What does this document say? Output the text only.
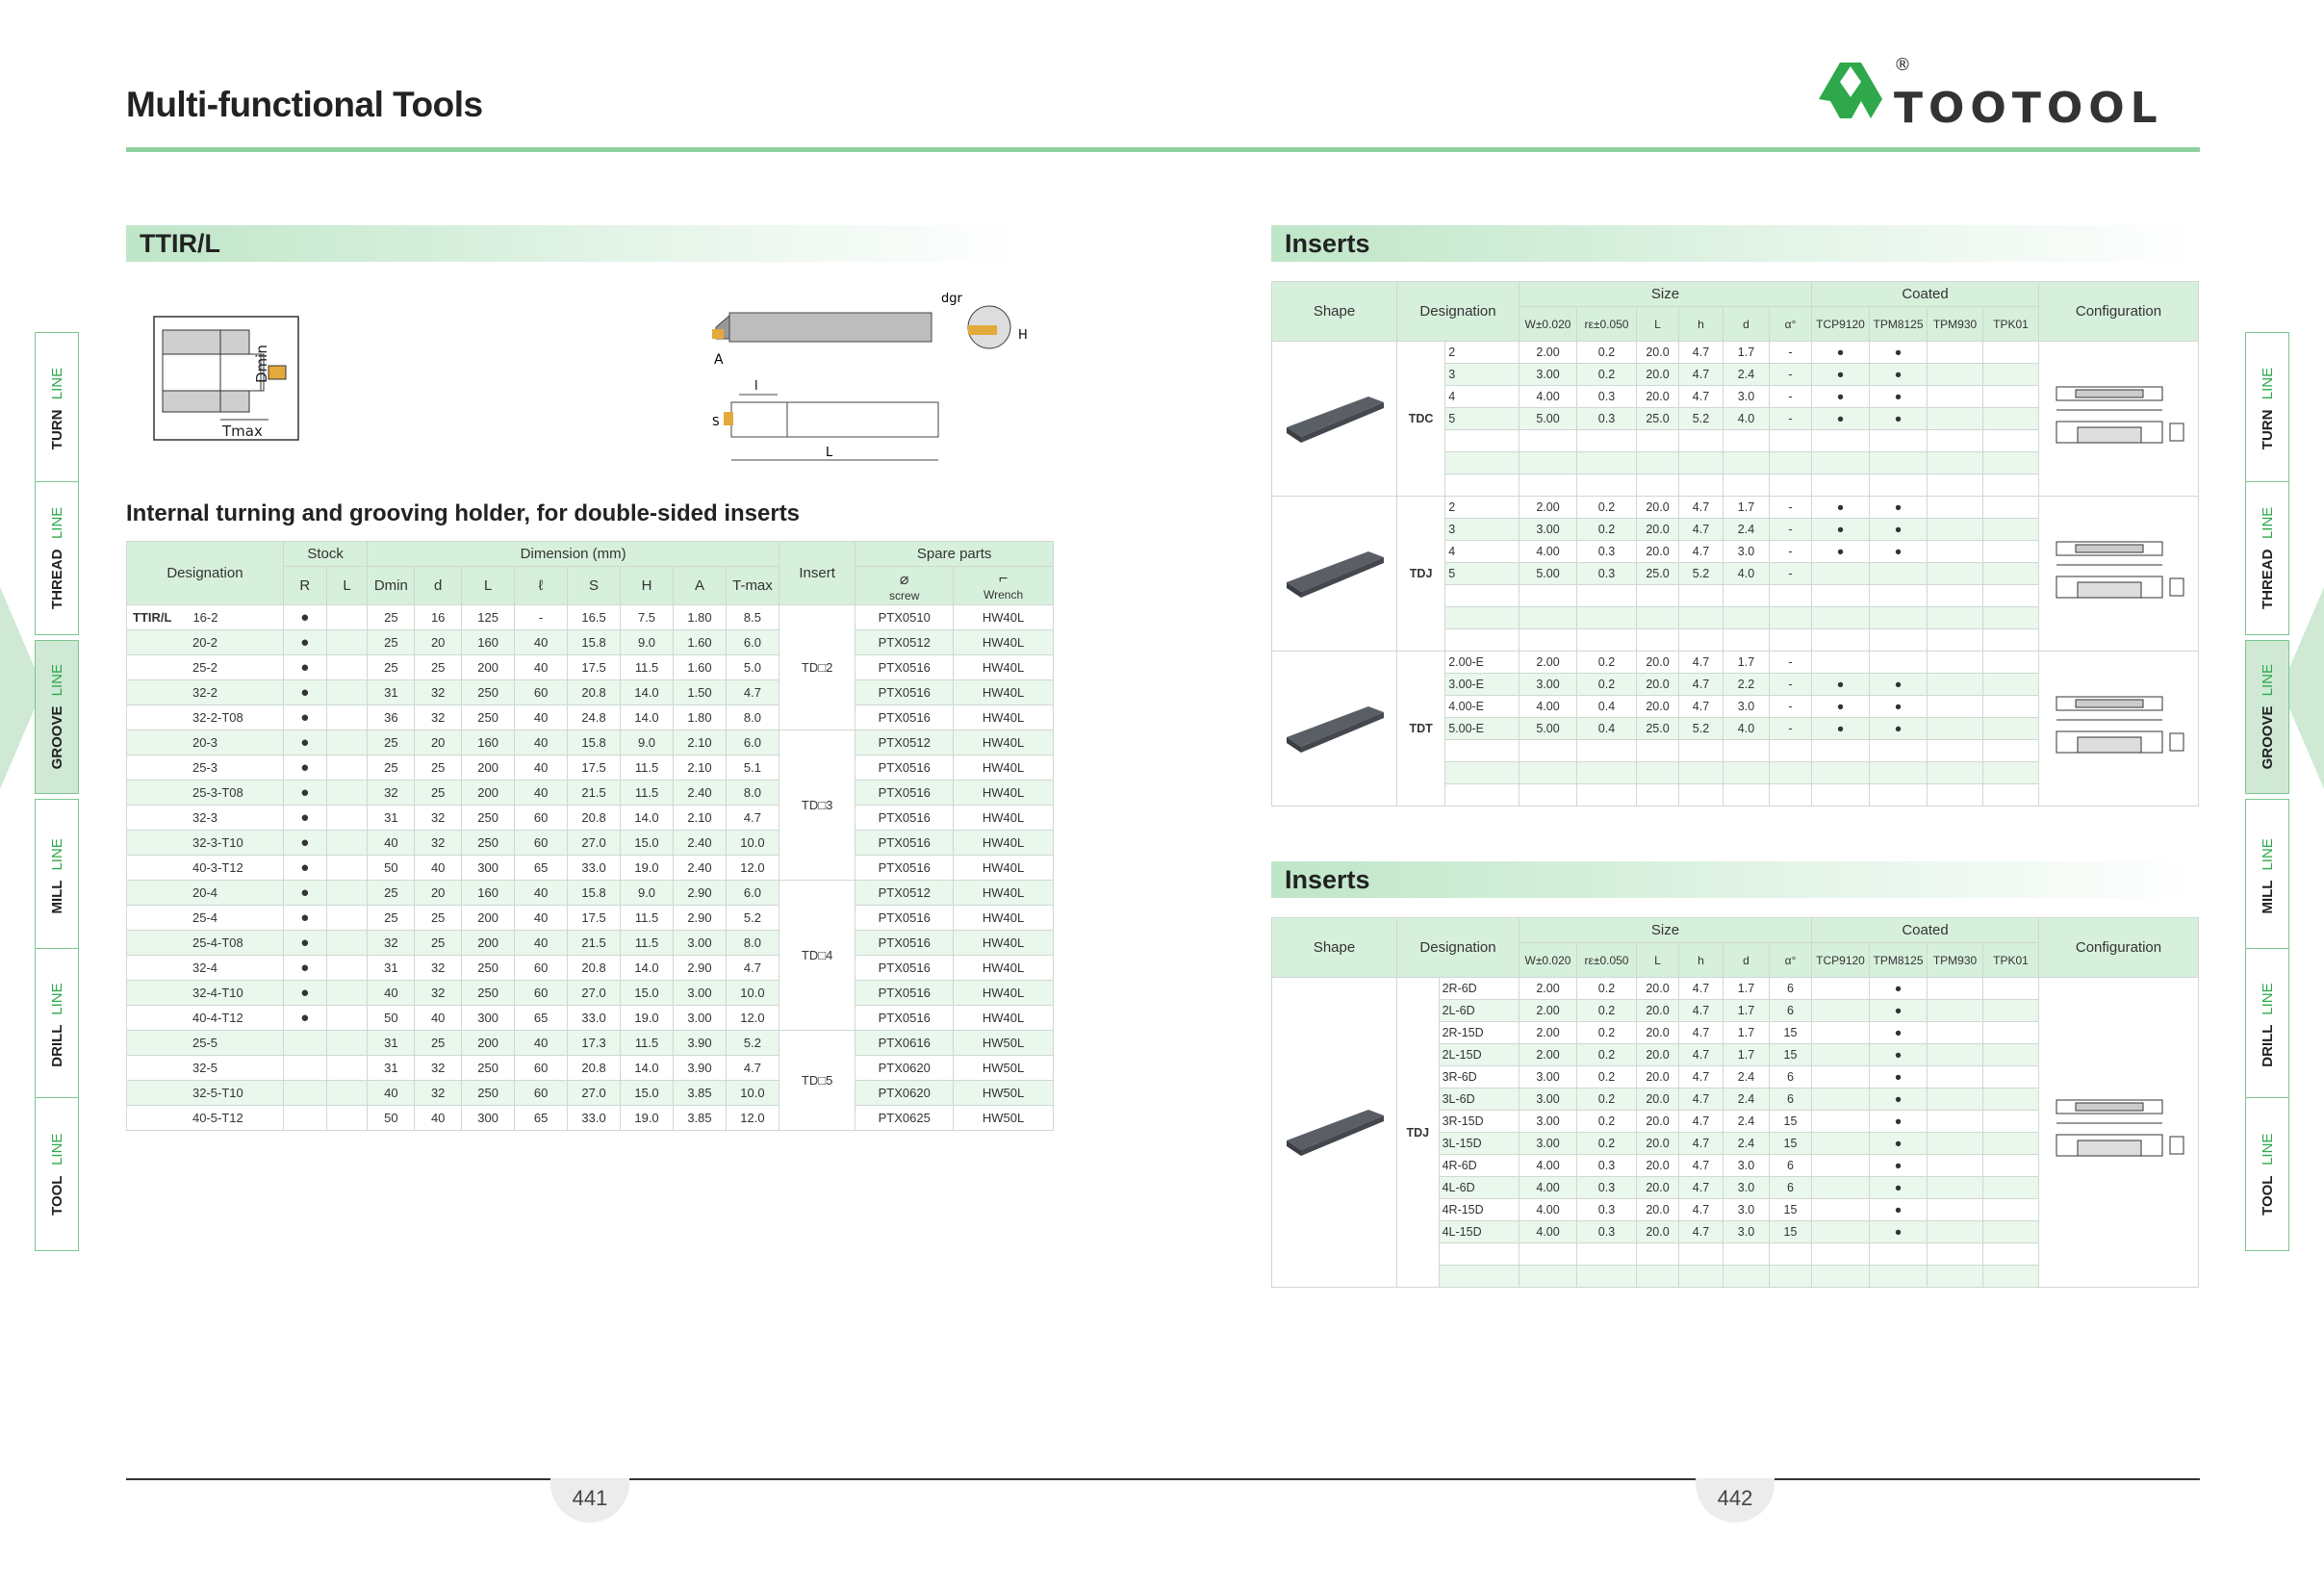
Multi-functional Tools	TOOTOOL
®
TTIR/L
Dmin
Tmax
A
dgr
H
l
S
L
Internal turning and grooving holder, for double-sided inserts
Designation	Stock		Dimension (mm)								Insert	Spare parts	
	R	L	Dmin	d	L	ℓ	S	H	A	T-max		⌀
screw	⌐
Wrench
TTIR/L 16-2	●		25	16	125	-	16.5	7.5	1.80	8.5	TD□2	PTX0510	HW40L
20-2	●		25	20	160	40	15.8	9.0	1.60	6.0		PTX0512	HW40L
25-2	●		25	25	200	40	17.5	11.5	1.60	5.0		PTX0516	HW40L
32-2	●		31	32	250	60	20.8	14.0	1.50	4.7		PTX0516	HW40L
32-2-T08	●		36	32	250	40	24.8	14.0	1.80	8.0		PTX0516	HW40L
20-3	●		25	20	160	40	15.8	9.0	2.10	6.0	TD□3	PTX0512	HW40L
25-3	●		25	25	200	40	17.5	11.5	2.10	5.1		PTX0516	HW40L
25-3-T08	●		32	25	200	40	21.5	11.5	2.40	8.0		PTX0516	HW40L
32-3	●		31	32	250	60	20.8	14.0	2.10	4.7		PTX0516	HW40L
32-3-T10	●		40	32	250	60	27.0	15.0	2.40	10.0		PTX0516	HW40L
40-3-T12	●		50	40	300	65	33.0	19.0	2.40	12.0		PTX0516	HW40L
20-4	●		25	20	160	40	15.8	9.0	2.90	6.0	TD□4	PTX0512	HW40L
25-4	●		25	25	200	40	17.5	11.5	2.90	5.2		PTX0516	HW40L
25-4-T08	●		32	25	200	40	21.5	11.5	3.00	8.0		PTX0516	HW40L
32-4	●		31	32	250	60	20.8	14.0	2.90	4.7		PTX0516	HW40L
32-4-T10	●		40	32	250	60	27.0	15.0	3.00	10.0		PTX0516	HW40L
40-4-T12	●		50	40	300	65	33.0	19.0	3.00	12.0		PTX0516	HW40L
25-5			31	25	200	40	17.3	11.5	3.90	5.2	TD□5	PTX0616	HW50L
32-5			31	32	250	60	20.8	14.0	3.90	4.7		PTX0620	HW50L
32-5-T10			40	32	250	60	27.0	15.0	3.85	10.0		PTX0620	HW50L
40-5-T12			50	40	300	65	33.0	19.0	3.85	12.0		PTX0625	HW50L
Inserts
Shape	Designation		Size						Coated				Configuration
			W±0.020	rε±0.050	L	h	d	α°	TCP9120	TPM8125	TPM930	TPK01	

	TDC	2	2.00	0.2	20.0	4.7	1.7	-	●	●			

		3	3.00	0.2	20.0	4.7	2.4	-	●	●			
		4	4.00	0.3	20.0	4.7	3.0	-	●	●			
		5	5.00	0.3	25.0	5.2	4.0	-	●	●			

	TDJ	2	2.00	0.2	20.0	4.7	1.7	-	●	●			

		3	3.00	0.2	20.0	4.7	2.4	-	●	●			
		4	4.00	0.3	20.0	4.7	3.0	-	●	●			
		5	5.00	0.3	25.0	5.2	4.0	-					

	TDT	2.00-E	2.00	0.2	20.0	4.7	1.7	-					

		3.00-E	3.00	0.2	20.0	4.7	2.2	-	●	●			
		4.00-E	4.00	0.4	20.0	4.7	3.0	-	●	●			
		5.00-E	5.00	0.4	25.0	5.2	4.0	-	●	●			

Inserts
Shape	Designation		Size						Coated				Configuration
			W±0.020	rε±0.050	L	h	d	α°	TCP9120	TPM8125	TPM930	TPK01	

	TDJ	2R-6D	2.00	0.2	20.0	4.7	1.7	6		●			

		2L-6D	2.00	0.2	20.0	4.7	1.7	6		●			
		2R-15D	2.00	0.2	20.0	4.7	1.7	15		●			
		2L-15D	2.00	0.2	20.0	4.7	1.7	15		●			
		3R-6D	3.00	0.2	20.0	4.7	2.4	6		●			
		3L-6D	3.00	0.2	20.0	4.7	2.4	6		●			
		3R-15D	3.00	0.2	20.0	4.7	2.4	15		●			
		3L-15D	3.00	0.2	20.0	4.7	2.4	15		●			
		4R-6D	4.00	0.3	20.0	4.7	3.0	6		●			
		4L-6D	4.00	0.3	20.0	4.7	3.0	6		●			
		4R-15D	4.00	0.3	20.0	4.7	3.0	15		●			
		4L-15D	4.00	0.3	20.0	4.7	3.0	15		●			

TURN LINE
TURN LINE
THREAD LINE
THREAD LINE
GROOVE LINE
GROOVE LINE
MILL LINE
MILL LINE
DRILL LINE
DRILL LINE
TOOL LINE
TOOL LINE
441	442
